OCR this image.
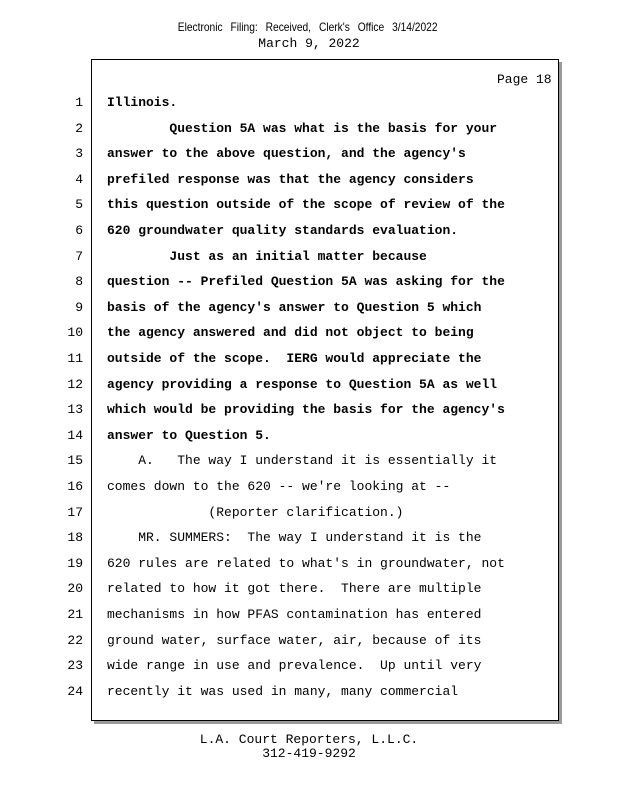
Electronic Filing: Received, Clerk's Office 3/14/2022
March 9, 2022
Page 18
1 Illinois.
2 Question 5A was what is the basis for your
3 answer to the above question, and the agency's
4 prefiled response was that the agency considers
5 this question outside of the scope of review of the
6 620 groundwater quality standards evaluation.
7 Just as an initial matter because
8 question -- Prefiled Question 5A was asking for the
9 basis of the agency's answer to Question 5 which
10 the agency answered and did not object to being
11 outside of the scope.  IERG would appreciate the
12 agency providing a response to Question 5A as well
13 which would be providing the basis for the agency's
14 answer to Question 5.
15 A.   The way I understand it is essentially it
16 comes down to the 620 -- we're looking at --
17 (Reporter clarification.)
18 MR. SUMMERS:  The way I understand it is the
19 620 rules are related to what's in groundwater, not
20 related to how it got there.  There are multiple
21 mechanisms in how PFAS contamination has entered
22 ground water, surface water, air, because of its
23 wide range in use and prevalence.  Up until very
24 recently it was used in many, many commercial
L.A. Court Reporters, L.L.C.
312-419-9292
